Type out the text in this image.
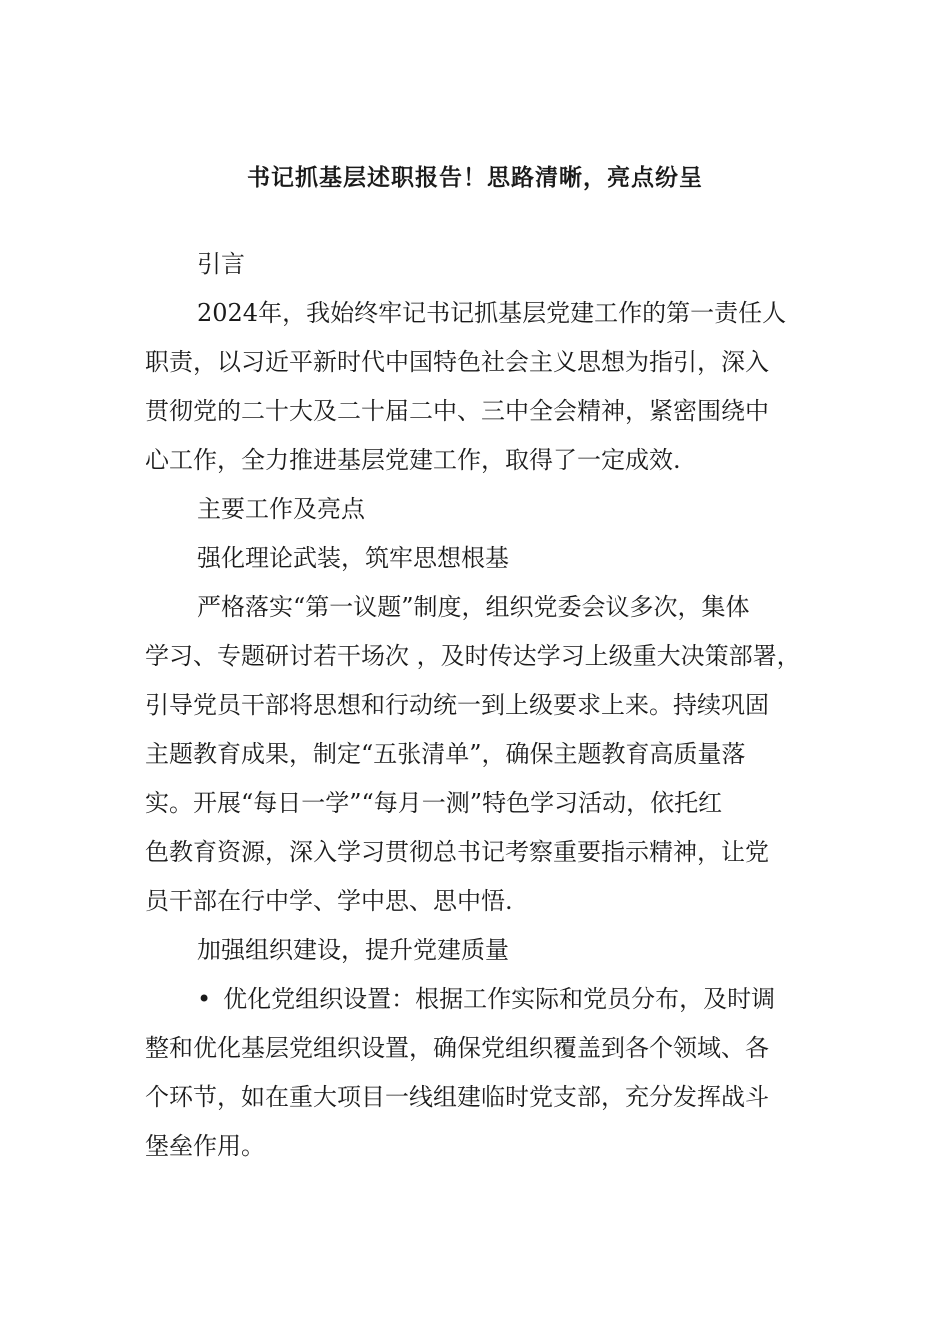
书记抓基层述职报告！思路清晰，亮点纷呈
引言
2024年，我始终牢记书记抓基层党建工作的第一责任人
职责，以习近平新时代中国特色社会主义思想为指引，深入
贯彻党的二十大及二十届二中、三中全会精神，紧密围绕中
心工作，全力推进基层党建工作，取得了一定成效.
主要工作及亮点
强化理论武装，筑牢思想根基
严格落实“第一议题”制度，组织党委会议多次，集体
学习、专题研讨若干场次 ，及时传达学习上级重大决策部署，
引导党员干部将思想和行动统一到上级要求上来。持续巩固
主题教育成果，制定“五张清单”，确保主题教育高质量落
实。开展“每日一学”“每月一测”特色学习活动，依托红
色教育资源，深入学习贯彻总书记考察重要指示精神，让党
员干部在行中学、学中思、思中悟.
加强组织建设，提升党建质量
• 优化党组织设置：根据工作实际和党员分布，及时调
整和优化基层党组织设置，确保党组织覆盖到各个领域、各
个环节，如在重大项目一线组建临时党支部，充分发挥战斗
堡垒作用。
